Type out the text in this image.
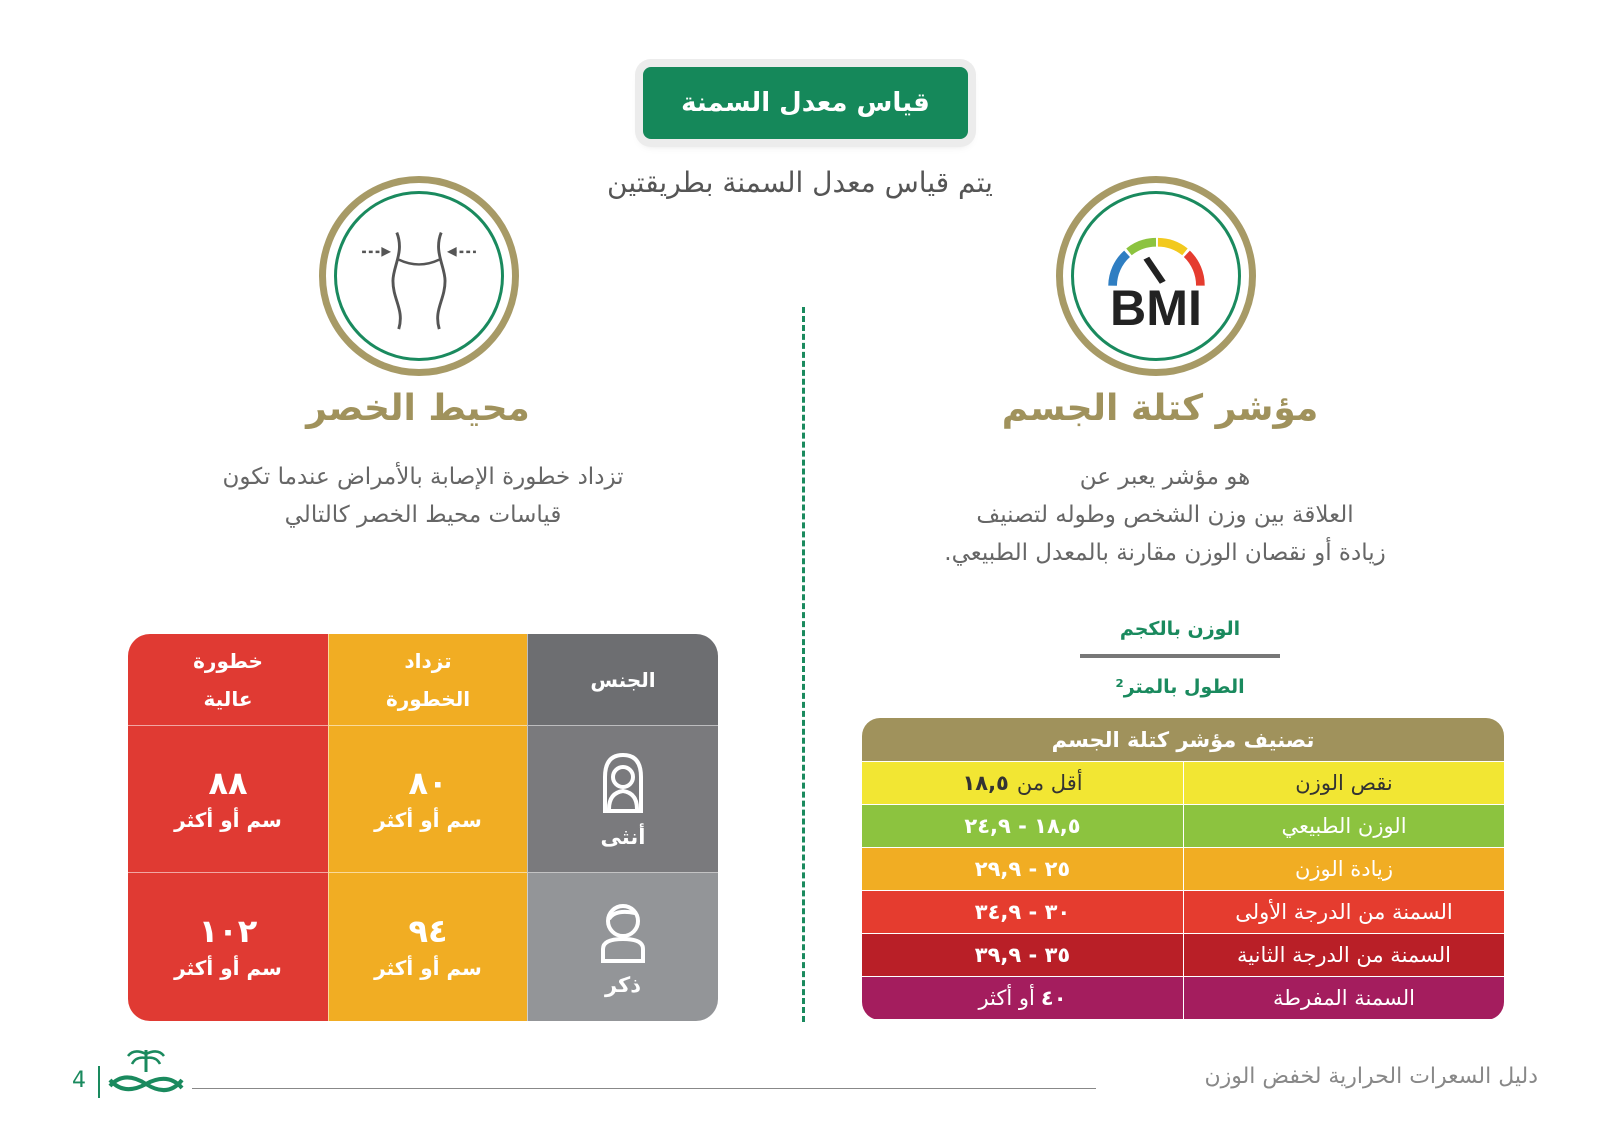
قياس معدل السمنة
يتم قياس معدل السمنة بطريقتين
BMI
مؤشر كتلة الجسم
محيط الخصر
هو مؤشر يعبر عن
العلاقة بين وزن الشخص وطوله لتصنيف
زيادة أو نقصان الوزن مقارنة بالمعدل الطبيعي.
تزداد خطورة الإصابة بالأمراض عندما تكون
قياسات محيط الخصر كالتالي
الوزن بالكجم
الطول بالمتر²
تصنيف مؤشر كتلة الجسم
نقص الوزن
أقل من
١٨,٥
الوزن الطبيعي
١٨,٥ - ٢٤,٩
زيادة الوزن
٢٥ - ٢٩,٩
السمنة من الدرجة الأولى
٣٠ - ٣٤,٩
السمنة من الدرجة الثانية
٣٥ - ٣٩,٩
السمنة المفرطة
٤٠
أو أكثر
الجنس
أنثى
ذكر
تزداد
الخطورة
٨٠
سم أو أكثر
٩٤
سم أو أكثر
خطورة
عالية
٨٨
سم أو أكثر
١٠٢
سم أو أكثر
دليل السعرات الحرارية لخفض الوزن
4
